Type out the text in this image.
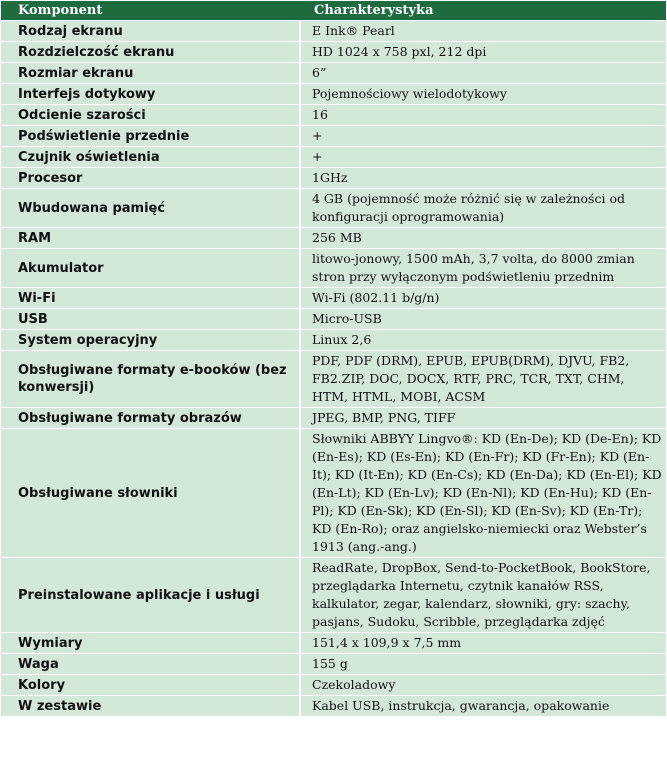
Komponent	Charakterystyka
Rodzaj ekranu	E Ink® Pearl
Rozdzielczość ekranu	HD 1024 x 758 pxl, 212 dpi
Rozmiar ekranu	6”
Interfejs dotykowy	Pojemnościowy wielodotykowy
Odcienie szarości	16
Podświetlenie przednie	+
Czujnik oświetlenia	+
Procesor	1GHz
Wbudowana pamięć	4 GB (pojemność może różnić się w zależności od konfiguracji oprogramowania)
RAM	256 MB
Akumulator	litowo-jonowy, 1500 mAh, 3,7 volta, do 8000 zmian stron przy wyłączonym podświetleniu przednim
Wi-Fi	Wi-Fi (802.11 b/g/n)
USB	Micro-USB
System operacyjny	Linux 2,6
Obsługiwane formaty e-booków (bez konwersji)	PDF, PDF (DRM), EPUB, EPUB(DRM), DJVU, FB2, FB2.ZIP, DOC, DOCX, RTF, PRC, TCR, TXT, CHM, HTM, HTML, MOBI, ACSM
Obsługiwane formaty obrazów	JPEG, BMP, PNG, TIFF
Obsługiwane słowniki	Słowniki ABBYY Lingvo®: KD (En-De); KD (De-En); KD (En-Es); KD (Es-En); KD (En-Fr); KD (Fr-En); KD (En-It); KD (It-En); KD (En-Cs); KD (En-Da); KD (En-El); KD (En-Lt); KD (En-Lv); KD (En-Nl); KD (En-Hu); KD (En-Pl); KD (En-Sk); KD (En-Sl); KD (En-Sv); KD (En-Tr); KD (En-Ro); oraz angielsko-niemiecki oraz Webster’s 1913 (ang.-ang.)
Preinstalowane aplikacje i usługi	ReadRate, DropBox, Send-to-PocketBook, BookStore, przeglądarka Internetu, czytnik kanałów RSS, kalkulator, zegar, kalendarz, słowniki, gry: szachy, pasjans, Sudoku, Scribble, przeglądarka zdjęć
Wymiary	151,4 x 109,9 x 7,5 mm
Waga	155 g
Kolory	Czekoladowy
W zestawie	Kabel USB, instrukcja, gwarancja, opakowanie
